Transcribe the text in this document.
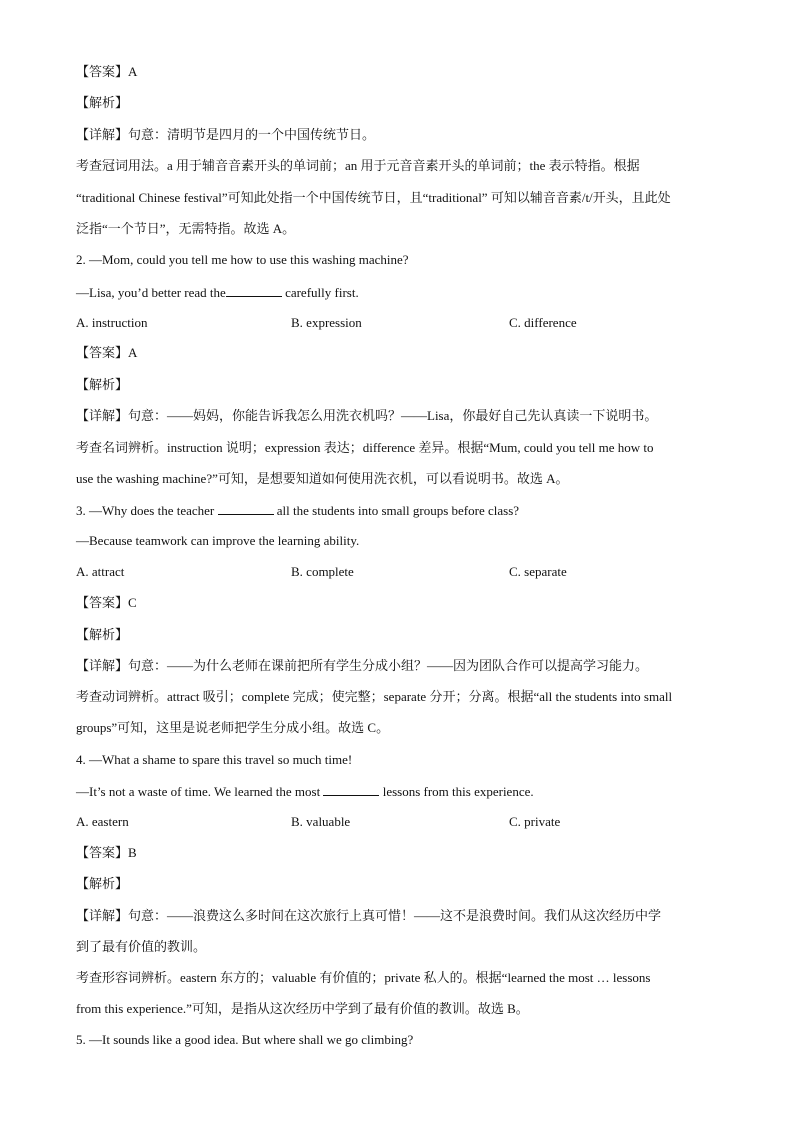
【答案】A
【解析】
【详解】句意：清明节是四月的一个中国传统节日。
考查冠词用法。a 用于辅音音素开头的单词前；an 用于元音音素开头的单词前；the 表示特指。根据
“traditional Chinese festival”可知此处指一个中国传统节日，且“traditional” 可知以辅音音素/t/开头，且此处
泛指“一个节日”，无需特指。故选 A。
2. —Mom, could you tell me how to use this washing machine?
—Lisa, you’d better read the	carefully first.
A. instruction	B. expression	C. difference
【答案】A
【解析】
【详解】句意：——妈妈，你能告诉我怎么用洗衣机吗？——Lisa，你最好自己先认真读一下说明书。
考查名词辨析。instruction 说明；expression 表达；difference 差异。根据“Mum, could you tell me how to
use the washing machine?”可知，是想要知道如何使用洗衣机，可以看说明书。故选 A。
3. —Why does the teacher	all the students into small groups before class?
—Because teamwork can improve the learning ability.
A. attract	B. complete	C. separate
【答案】C
【解析】
【详解】句意：——为什么老师在课前把所有学生分成小组？——因为团队合作可以提高学习能力。
考查动词辨析。attract 吸引；complete 完成；使完整；separate 分开；分离。根据“all the students into small
groups”可知，这里是说老师把学生分成小组。故选 C。
4. —What a shame to spare this travel so much time!
—It’s not a waste of time. We learned the most	lessons from this experience.
A. eastern	B. valuable	C. private
【答案】B
【解析】
【详解】句意：——浪费这么多时间在这次旅行上真可惜！——这不是浪费时间。我们从这次经历中学
到了最有价值的教训。
考查形容词辨析。eastern 东方的；valuable 有价值的；private 私人的。根据“learned the most … lessons
from this experience.”可知，是指从这次经历中学到了最有价值的教训。故选 B。
5. —It sounds like a good idea. But where shall we go climbing?
